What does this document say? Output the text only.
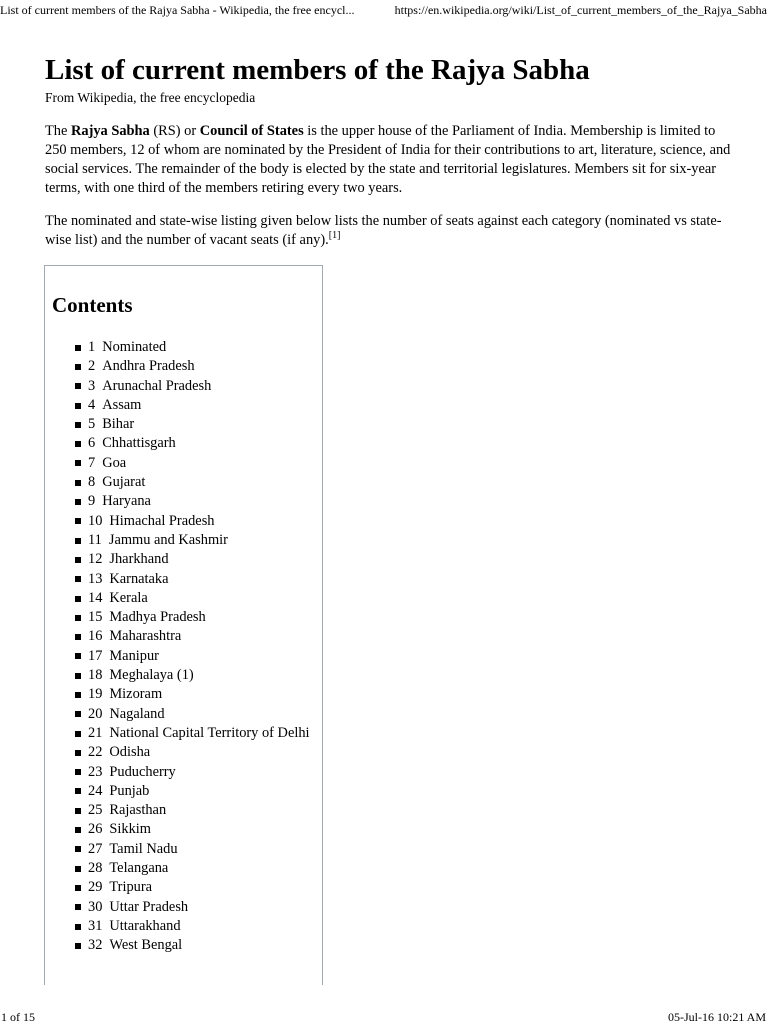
List of current members of the Rajya Sabha - Wikipedia, the free encycl...	https://en.wikipedia.org/wiki/List_of_current_members_of_the_Rajya_Sabha
List of current members of the Rajya Sabha
From Wikipedia, the free encyclopedia

The Rajya Sabha (RS) or Council of States is the upper house of the Parliament of India. Membership is limited to 250 members, 12 of whom are nominated by the President of India for their contributions to art, literature, science, and social services. The remainder of the body is elected by the state and territorial legislatures. Members sit for six-year terms, with one third of the members retiring every two years.

The nominated and state-wise listing given below lists the number of seats against each category (nominated vs state-wise list) and the number of vacant seats (if any).[1]

Contents
1 Nominated
2 Andhra Pradesh
3 Arunachal Pradesh
4 Assam
5 Bihar
6 Chhattisgarh
7 Goa
8 Gujarat
9 Haryana
10 Himachal Pradesh
11 Jammu and Kashmir
12 Jharkhand
13 Karnataka
14 Kerala
15 Madhya Pradesh
16 Maharashtra
17 Manipur
18 Meghalaya (1)
19 Mizoram
20 Nagaland
21 National Capital Territory of Delhi
22 Odisha
23 Puducherry
24 Punjab
25 Rajasthan
26 Sikkim
27 Tamil Nadu
28 Telangana
29 Tripura
30 Uttar Pradesh
31 Uttarakhand
32 West Bengal
1 of 15	05-Jul-16 10:21 AM
